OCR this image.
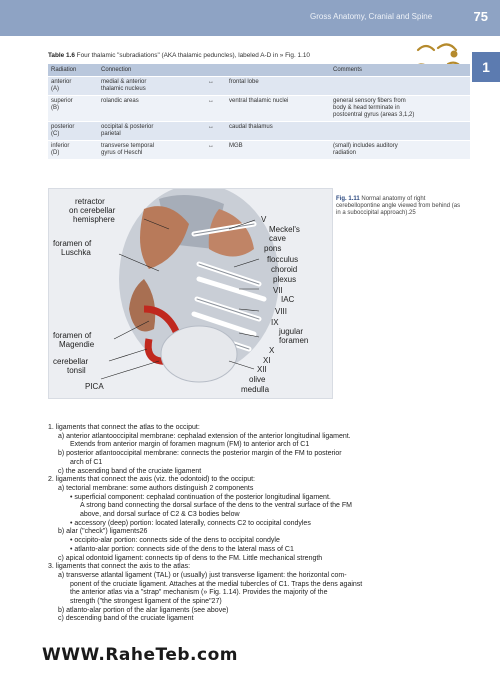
Gross Anatomy, Cranial and Spine	75
1
RAHETEB
Table 1.6 Four thalamic "subradiations" (AKA thalamic peduncles), labeled A-D in » Fig. 1.10
Radiation	Connection			Comments

anterior
(A)	medial & anterior
thalamic nucleus	↔	frontal lobe	

superior
(B)	rolandic areas	↔	ventral thalamic nuclei	general sensory fibers from
body & head terminate in
postcentral gyrus (areas 3,1,2)

posterior
(C)	occipital & posterior
parietal	↔	caudal thalamus	

inferior
(D)	transverse temporal
gyrus of Heschl	↔	MGB	(small) includes auditory
radiation
retractor
on cerebellar
hemisphere
foramen of
Luschka
foramen of
Magendie
cerebellar
tonsil
PICA
V
Meckel's
cave
pons
flocculus
choroid
plexus
VII
IAC
VIII
IX
jugular
foramen
X
XI
XII
olive
medulla
Fig. 1.11 Normal anatomy of right cerebellopontine angle viewed from behind (as in a suboccipital approach).25
1. ligaments that connect the atlas to the occiput:
a) anterior atlantooccipital membrane: cephalad extension of the anterior longitudinal ligament.
Extends from anterior margin of foramen magnum (FM) to anterior arch of C1
b) posterior atlantooccipital membrane: connects the posterior margin of the FM to posterior
arch of C1
c) the ascending band of the cruciate ligament
2. ligaments that connect the axis (viz. the odontoid) to the occiput:
a) tectorial membrane: some authors distinguish 2 components
• superficial component: cephalad continuation of the posterior longitudinal ligament.
A strong band connecting the dorsal surface of the dens to the ventral surface of the FM
above, and dorsal surface of C2 & C3 bodies below
• accessory (deep) portion: located laterally, connects C2 to occipital condyles
b) alar ("check") ligaments26
• occipito-alar portion: connects side of the dens to occipital condyle
• atlanto-alar portion: connects side of the dens to the lateral mass of C1
c) apical odontoid ligament: connects tip of dens to the FM. Little mechanical strength
3. ligaments that connect the axis to the atlas:
a) transverse atlantal ligament (TAL) or (usually) just transverse ligament: the horizontal com-
ponent of the cruciate ligament. Attaches at the medial tubercles of C1. Traps the dens against
the anterior atlas via a "strap" mechanism (» Fig. 1.14). Provides the majority of the
strength ("the strongest ligament of the spine"27)
b) atlanto-alar portion of the alar ligaments (see above)
c) descending band of the cruciate ligament
WWW.RaheTeb.com
